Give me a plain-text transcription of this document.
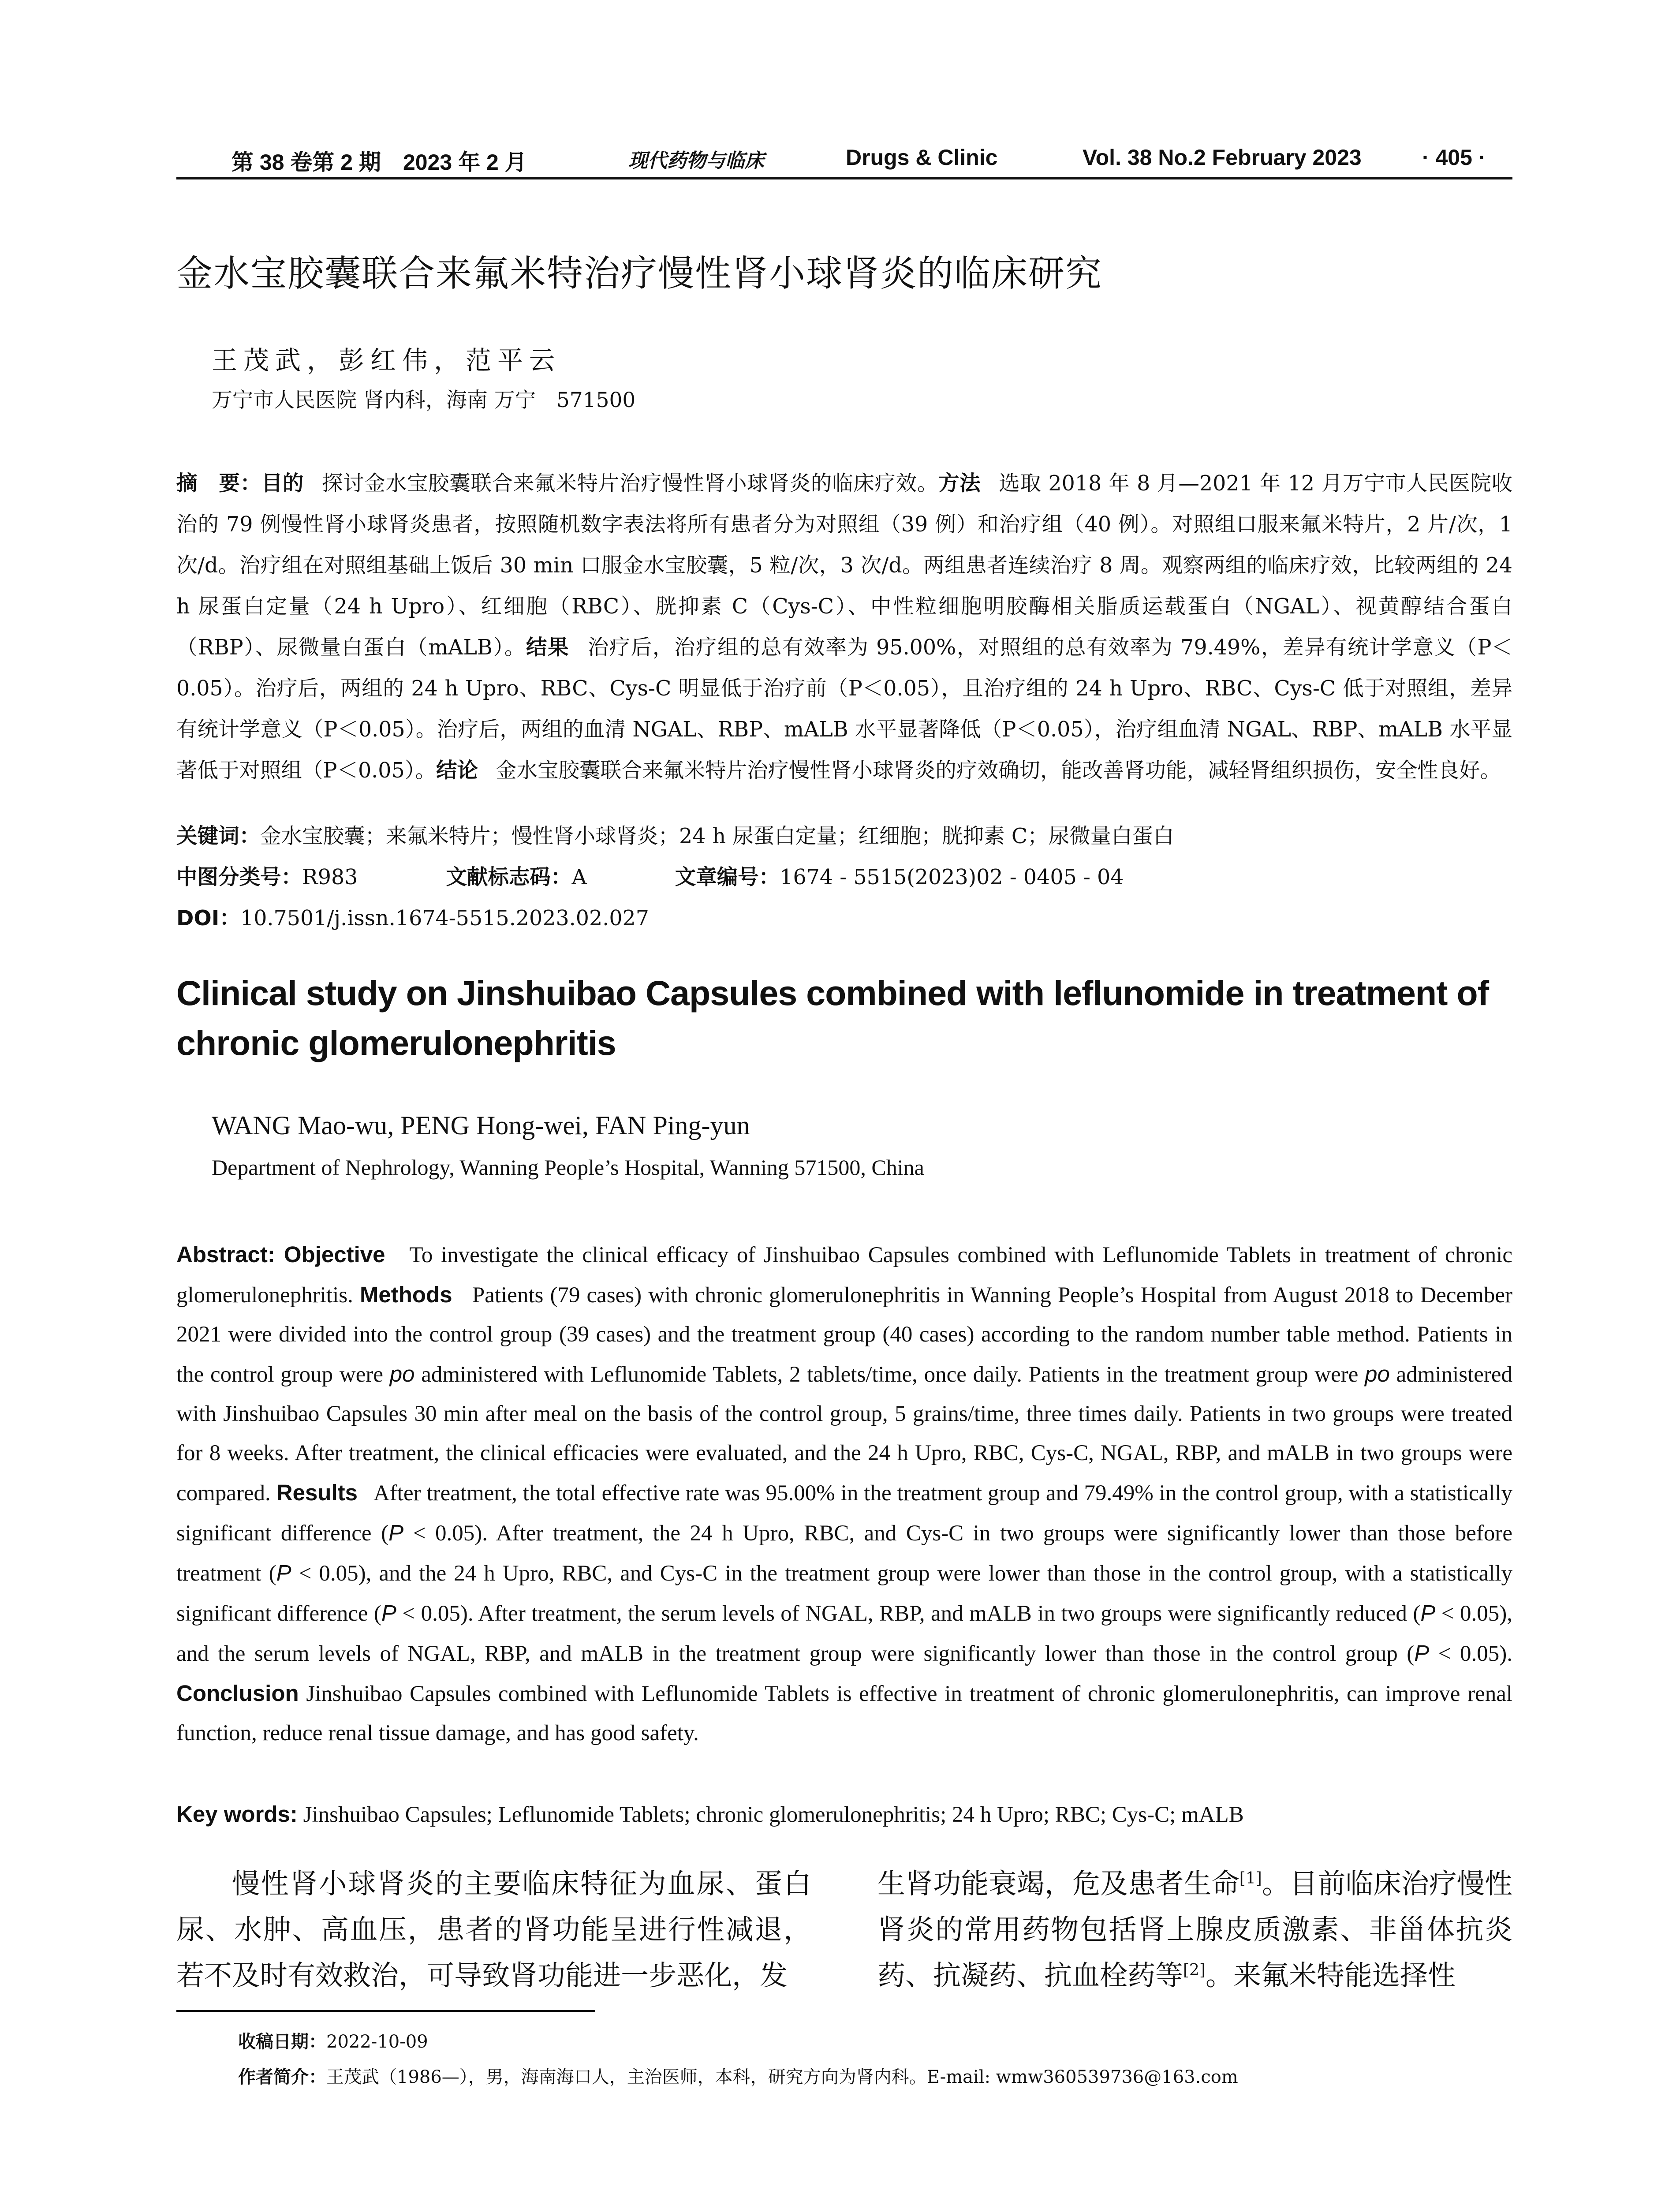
第 38 卷第 2 期　2023 年 2 月	现代药物与临床	Drugs & Clinic	Vol. 38 No.2 February 2023	· 405 ·
金水宝胶囊联合来氟米特治疗慢性肾小球肾炎的临床研究

王茂武，彭红伟，范平云

万宁市人民医院 肾内科，海南 万宁　571500

摘　要：目的 探讨金水宝胶囊联合来氟米特片治疗慢性肾小球肾炎的临床疗效。方法 选取 2018 年 8 月—2021 年 12 月万宁市人民医院收治的 79 例慢性肾小球肾炎患者，按照随机数字表法将所有患者分为对照组（39 例）和治疗组（40 例）。对照组口服来氟米特片，2 片/次，1 次/d。治疗组在对照组基础上饭后 30 min 口服金水宝胶囊，5 粒/次，3 次/d。两组患者连续治疗 8 周。观察两组的临床疗效，比较两组的 24 h 尿蛋白定量（24 h Upro）、红细胞（RBC）、胱抑素 C（Cys-C）、中性粒细胞明胶酶相关脂质运载蛋白（NGAL）、视黄醇结合蛋白（RBP）、尿微量白蛋白（mALB）。结果 治疗后，治疗组的总有效率为 95.00%，对照组的总有效率为 79.49%，差异有统计学意义（P＜0.05）。治疗后，两组的 24 h Upro、RBC、Cys-C 明显低于治疗前（P＜0.05），且治疗组的 24 h Upro、RBC、Cys-C 低于对照组，差异有统计学意义（P＜0.05）。治疗后，两组的血清 NGAL、RBP、mALB 水平显著降低（P＜0.05），治疗组血清 NGAL、RBP、mALB 水平显著低于对照组（P＜0.05）。结论 金水宝胶囊联合来氟米特片治疗慢性肾小球肾炎的疗效确切，能改善肾功能，减轻肾组织损伤，安全性良好。

关键词：金水宝胶囊；来氟米特片；慢性肾小球肾炎；24 h 尿蛋白定量；红细胞；胱抑素 C；尿微量白蛋白

中图分类号：R983	文献标志码：A	文章编号：1674 - 5515(2023)02 - 0405 - 04

DOI：10.7501/j.issn.1674-5515.2023.02.027

Clinical study on Jinshuibao Capsules combined with leflunomide in treatment of chronic glomerulonephritis

WANG Mao-wu, PENG Hong-wei, FAN Ping-yun

Department of Nephrology, Wanning People’s Hospital, Wanning 571500, China

Abstract: Objective To investigate the clinical efficacy of Jinshuibao Capsules combined with Leflunomide Tablets in treatment of chronic glomerulonephritis. Methods Patients (79 cases) with chronic glomerulonephritis in Wanning People’s Hospital from August 2018 to December 2021 were divided into the control group (39 cases) and the treatment group (40 cases) according to the random number table method. Patients in the control group were po administered with Leflunomide Tablets, 2 tablets/time, once daily. Patients in the treatment group were po administered with Jinshuibao Capsules 30 min after meal on the basis of the control group, 5 grains/time, three times daily. Patients in two groups were treated for 8 weeks. After treatment, the clinical efficacies were evaluated, and the 24 h Upro, RBC, Cys-C, NGAL, RBP, and mALB in two groups were compared. Results After treatment, the total effective rate was 95.00% in the treatment group and 79.49% in the control group, with a statistically significant difference (P < 0.05). After treatment, the 24 h Upro, RBC, and Cys-C in two groups were significantly lower than those before treatment (P < 0.05), and the 24 h Upro, RBC, and Cys-C in the treatment group were lower than those in the control group, with a statistically significant difference (P < 0.05). After treatment, the serum levels of NGAL, RBP, and mALB in two groups were significantly reduced (P < 0.05), and the serum levels of NGAL, RBP, and mALB in the treatment group were significantly lower than those in the control group (P < 0.05). Conclusion Jinshuibao Capsules combined with Leflunomide Tablets is effective in treatment of chronic glomerulonephritis, can improve renal function, reduce renal tissue damage, and has good safety.

Key words: Jinshuibao Capsules; Leflunomide Tablets; chronic glomerulonephritis; 24 h Upro; RBC; Cys-C; mALB

慢性肾小球肾炎的主要临床特征为血尿、蛋白尿、水肿、高血压，患者的肾功能呈进行性减退，若不及时有效救治，可导致肾功能进一步恶化，发

生肾功能衰竭，危及患者生命[1]。目前临床治疗慢性肾炎的常用药物包括肾上腺皮质激素、非甾体抗炎药、抗凝药、抗血栓药等[2]。来氟米特能选择性

收稿日期：2022-10-09

作者简介：王茂武（1986—），男，海南海口人，主治医师，本科，研究方向为肾内科。E-mail: wmw360539736@163.com
